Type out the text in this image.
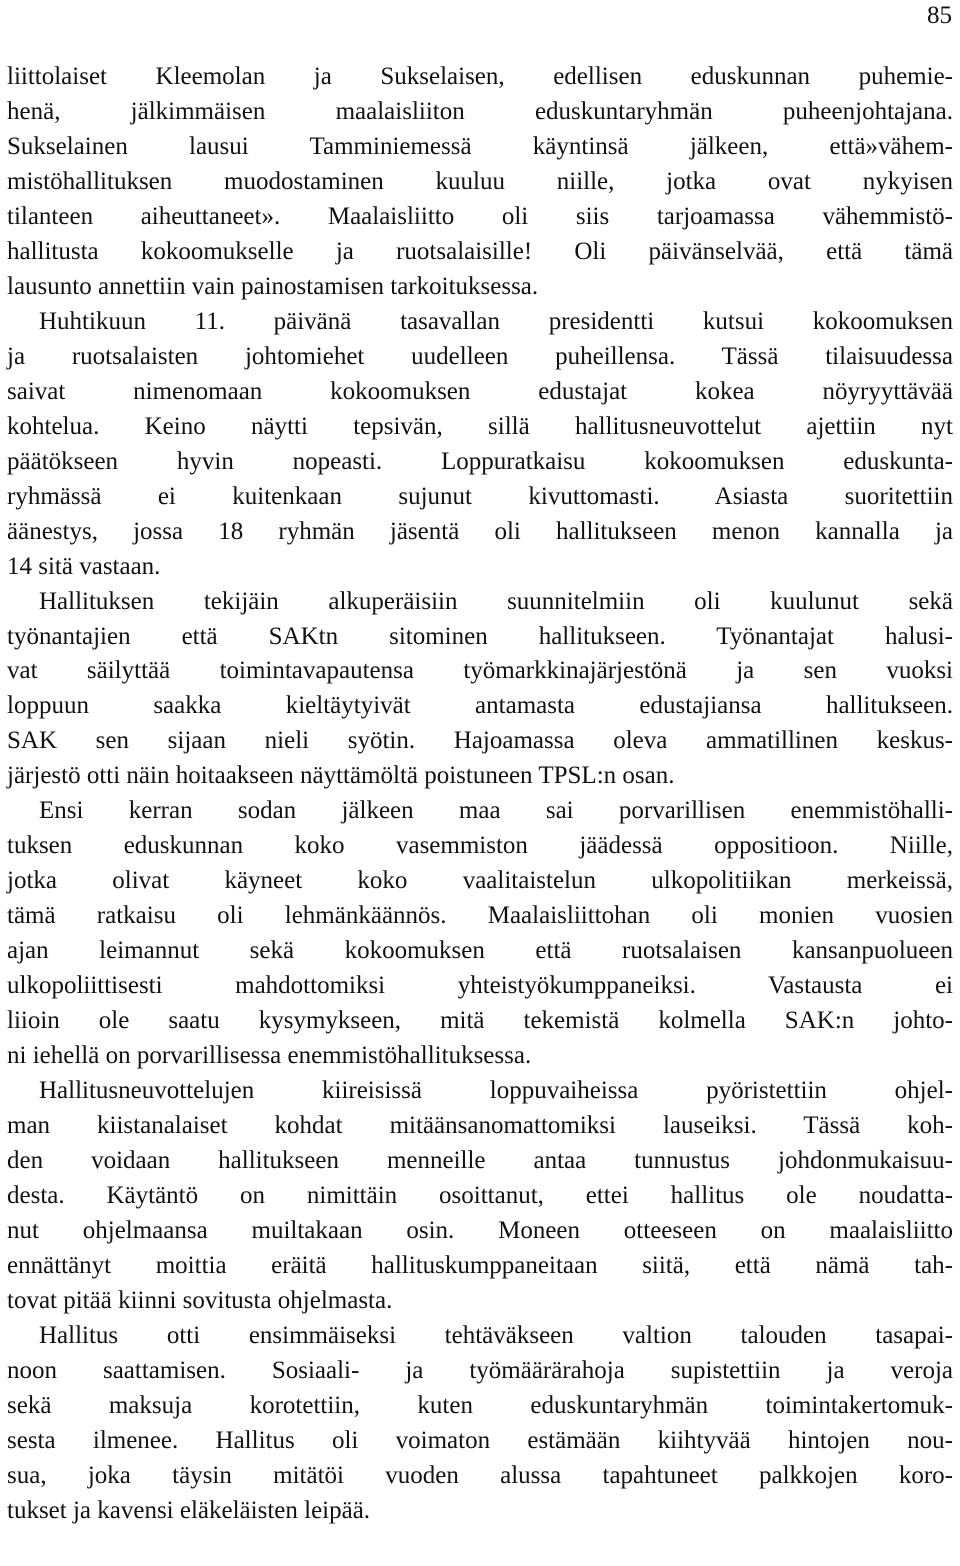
85
liittolaiset Kleemolan ja Sukselaisen, edellisen eduskunnan puhemie-
henä, jälkimmäisen maalaisliiton eduskuntaryhmän puheenjohtajana.
Sukselainen lausui Tamminiemessä käyntinsä jälkeen, että»vähem-
mistöhallituksen muodostaminen kuuluu niille, jotka ovat nykyisen
tilanteen aiheuttaneet». Maalaisliitto oli siis tarjoamassa vähemmistö-
hallitusta kokoomukselle ja ruotsalaisille! Oli päivänselvää, että tämä
lausunto annettiin vain painostamisen tarkoituksessa.
Huhtikuun 11. päivänä tasavallan presidentti kutsui kokoomuksen
ja ruotsalaisten johtomiehet uudelleen puheillensa. Tässä tilaisuudessa
saivat nimenomaan kokoomuksen edustajat kokea nöyryyttävää
kohtelua. Keino näytti tepsivän, sillä hallitusneuvottelut ajettiin nyt
päätökseen hyvin nopeasti. Loppuratkaisu kokoomuksen eduskunta-
ryhmässä ei kuitenkaan sujunut kivuttomasti. Asiasta suoritettiin
äänestys, jossa 18 ryhmän jäsentä oli hallitukseen menon kannalla ja
14 sitä vastaan.
Hallituksen tekijäin alkuperäisiin suunnitelmiin oli kuulunut sekä
työnantajien että SAKtn sitominen hallitukseen. Työnantajat halusi-
vat säilyttää toimintavapautensa työmarkkinajärjestönä ja sen vuoksi
loppuun saakka kieltäytyivät antamasta edustajiansa hallitukseen.
SAK sen sijaan nieli syötin. Hajoamassa oleva ammatillinen keskus-
järjestö otti näin hoitaakseen näyttämöltä poistuneen TPSL:n osan.
Ensi kerran sodan jälkeen maa sai porvarillisen enemmistöhalli-
tuksen eduskunnan koko vasemmiston jäädessä oppositioon. Niille,
jotka olivat käyneet koko vaalitaistelun ulkopolitiikan merkeissä,
tämä ratkaisu oli lehmänkäännös. Maalaisliittohan oli monien vuosien
ajan leimannut sekä kokoomuksen että ruotsalaisen kansanpuolueen
ulkopoliittisesti mahdottomiksi yhteistyökumppaneiksi. Vastausta ei
liioin ole saatu kysymykseen, mitä tekemistä kolmella SAK:n johto-
ni iehellä on porvarillisessa enemmistöhallituksessa.
Hallitusneuvottelujen kiireisissä loppuvaiheissa pyöristettiin ohjel-
man kiistanalaiset kohdat mitäänsanomattomiksi lauseiksi. Tässä koh-
den voidaan hallitukseen menneille antaa tunnustus johdonmukaisuu-
desta. Käytäntö on nimittäin osoittanut, ettei hallitus ole noudatta-
nut ohjelmaansa muiltakaan osin. Moneen otteeseen on maalaisliitto
ennättänyt moittia eräitä hallituskumppaneitaan siitä, että nämä tah-
tovat pitää kiinni sovitusta ohjelmasta.
Hallitus otti ensimmäiseksi tehtäväkseen valtion talouden tasapai-
noon saattamisen. Sosiaali- ja työmäärärahoja supistettiin ja veroja
sekä maksuja korotettiin, kuten eduskuntaryhmän toimintakertomuk-
sesta ilmenee. Hallitus oli voimaton estämään kiihtyvää hintojen nou-
sua, joka täysin mitätöi vuoden alussa tapahtuneet palkkojen koro-
tukset ja kavensi eläkeläisten leipää.
